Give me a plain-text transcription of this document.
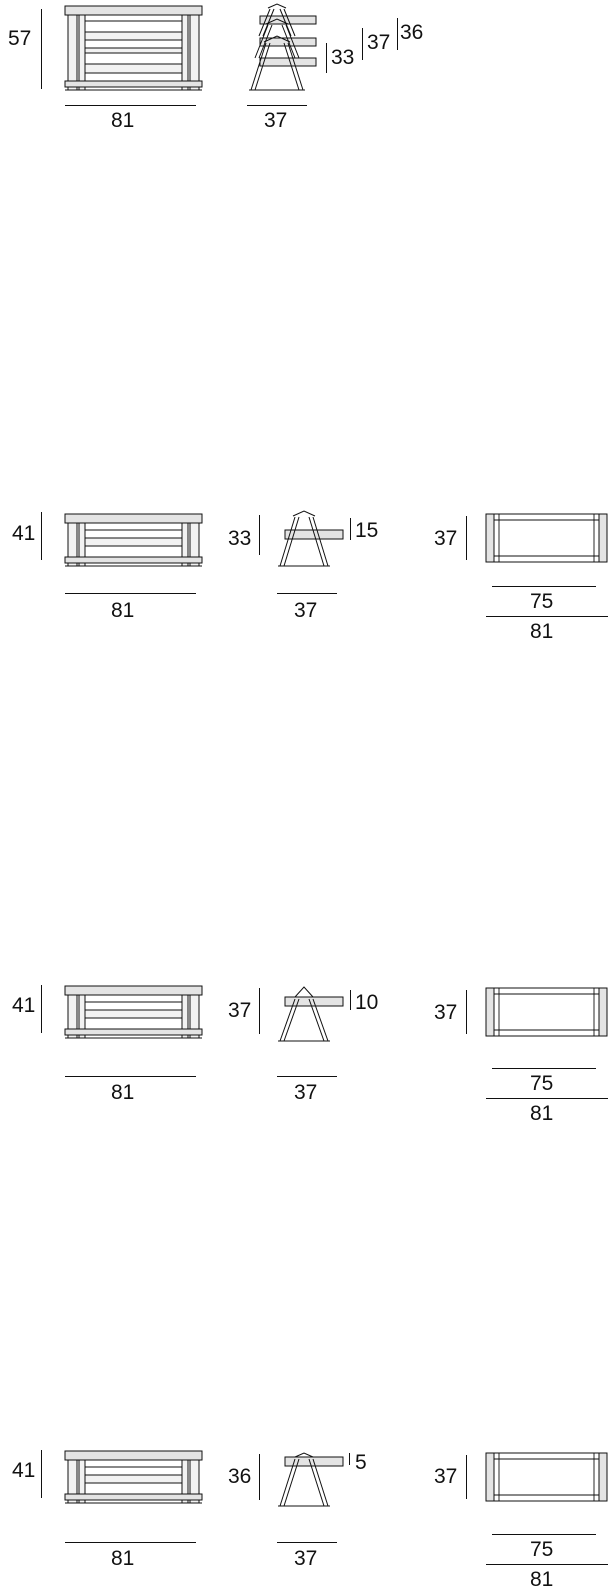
57
81	37
33
37 36
41
81
33
37
15	37
75
81
41
81
37
37
10	37
75
81
41
81
36
37
5
37
75
81
